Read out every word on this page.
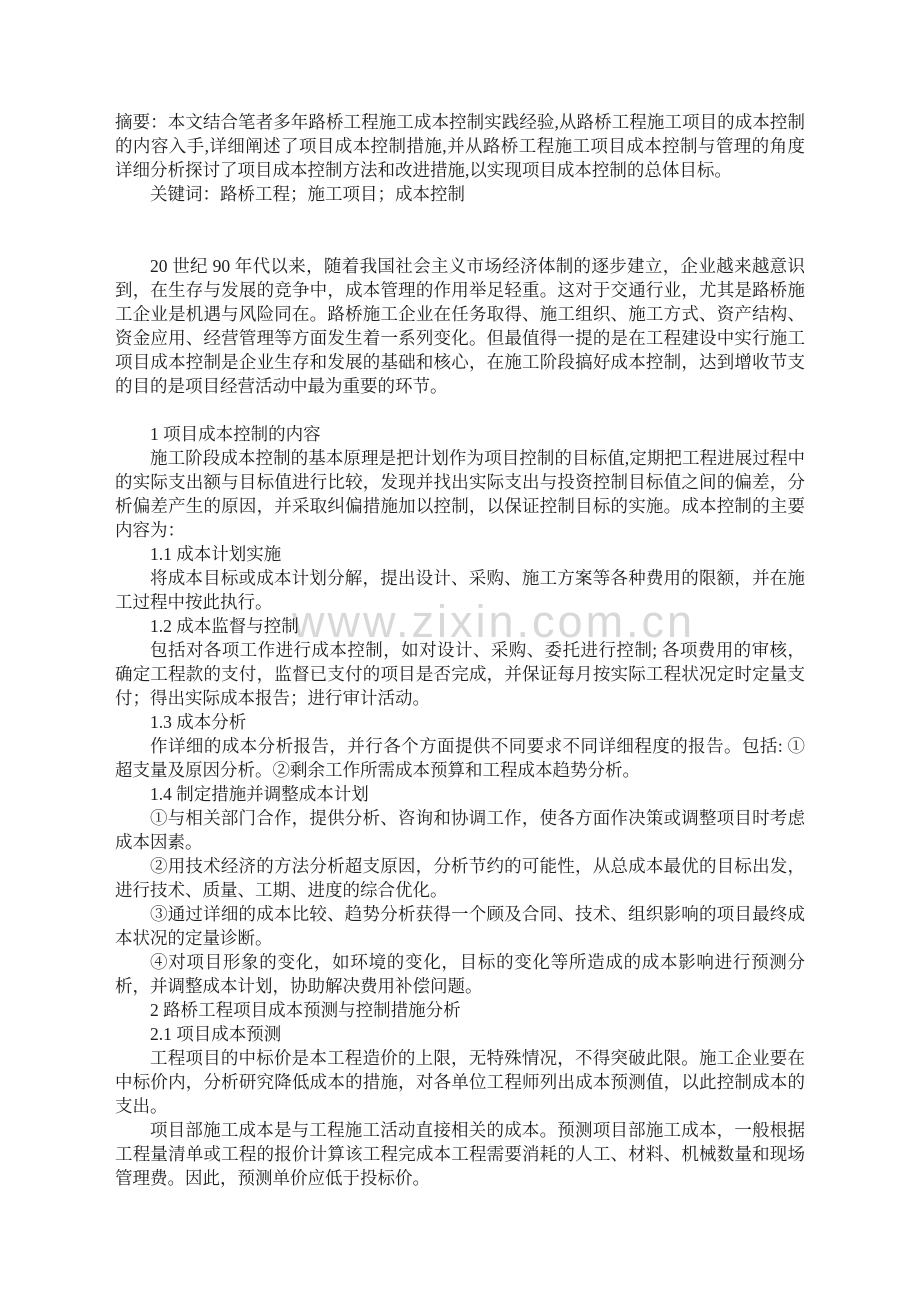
www.zixin.com.cn

摘要：本文结合笔者多年路桥工程施工成本控制实践经验,从路桥工程施工项目的成本控制的内容入手,详细阐述了项目成本控制措施,并从路桥工程施工项目成本控制与管理的角度详细分析探讨了项目成本控制方法和改进措施,以实现项目成本控制的总体目标。

关键词：路桥工程；施工项目；成本控制

20 世纪 90 年代以来，随着我国社会主义市场经济体制的逐步建立，企业越来越意识到，在生存与发展的竞争中，成本管理的作用举足轻重。这对于交通行业，尤其是路桥施工企业是机遇与风险同在。路桥施工企业在任务取得、施工组织、施工方式、资产结构、资金应用、经营管理等方面发生着一系列变化。但最值得一提的是在工程建设中实行施工项目成本控制是企业生存和发展的基础和核心，在施工阶段搞好成本控制，达到增收节支的目的是项目经营活动中最为重要的环节。

1 项目成本控制的内容

施工阶段成本控制的基本原理是把计划作为项目控制的目标值,定期把工程进展过程中的实际支出额与目标值进行比较，发现并找出实际支出与投资控制目标值之间的偏差，分析偏差产生的原因，并采取纠偏措施加以控制，以保证控制目标的实施。成本控制的主要内容为：

1.1 成本计划实施

将成本目标或成本计划分解，提出设计、采购、施工方案等各种费用的限额，并在施工过程中按此执行。

1.2 成本监督与控制

包括对各项工作进行成本控制，如对设计、采购、委托进行控制; 各项费用的审核，确定工程款的支付，监督已支付的项目是否完成，并保证每月按实际工程状况定时定量支付；得出实际成本报告；进行审计活动。

1.3 成本分析

作详细的成本分析报告，并行各个方面提供不同要求不同详细程度的报告。包括: ①超支量及原因分析。②剩余工作所需成本预算和工程成本趋势分析。

1.4 制定措施并调整成本计划

①与相关部门合作，提供分析、咨询和协调工作，使各方面作决策或调整项目时考虑成本因素。

②用技术经济的方法分析超支原因，分析节约的可能性，从总成本最优的目标出发，进行技术、质量、工期、进度的综合优化。

③通过详细的成本比较、趋势分析获得一个顾及合同、技术、组织影响的项目最终成本状况的定量诊断。

④对项目形象的变化，如环境的变化，目标的变化等所造成的成本影响进行预测分析，并调整成本计划，协助解决费用补偿问题。

2 路桥工程项目成本预测与控制措施分析

2.1 项目成本预测

工程项目的中标价是本工程造价的上限，无特殊情况，不得突破此限。施工企业要在中标价内，分析研究降低成本的措施，对各单位工程师列出成本预测值，以此控制成本的支出。

项目部施工成本是与工程施工活动直接相关的成本。预测项目部施工成本，一般根据工程量清单或工程的报价计算该工程完成本工程需要消耗的人工、材料、机械数量和现场管理费。因此，预测单价应低于投标价。
